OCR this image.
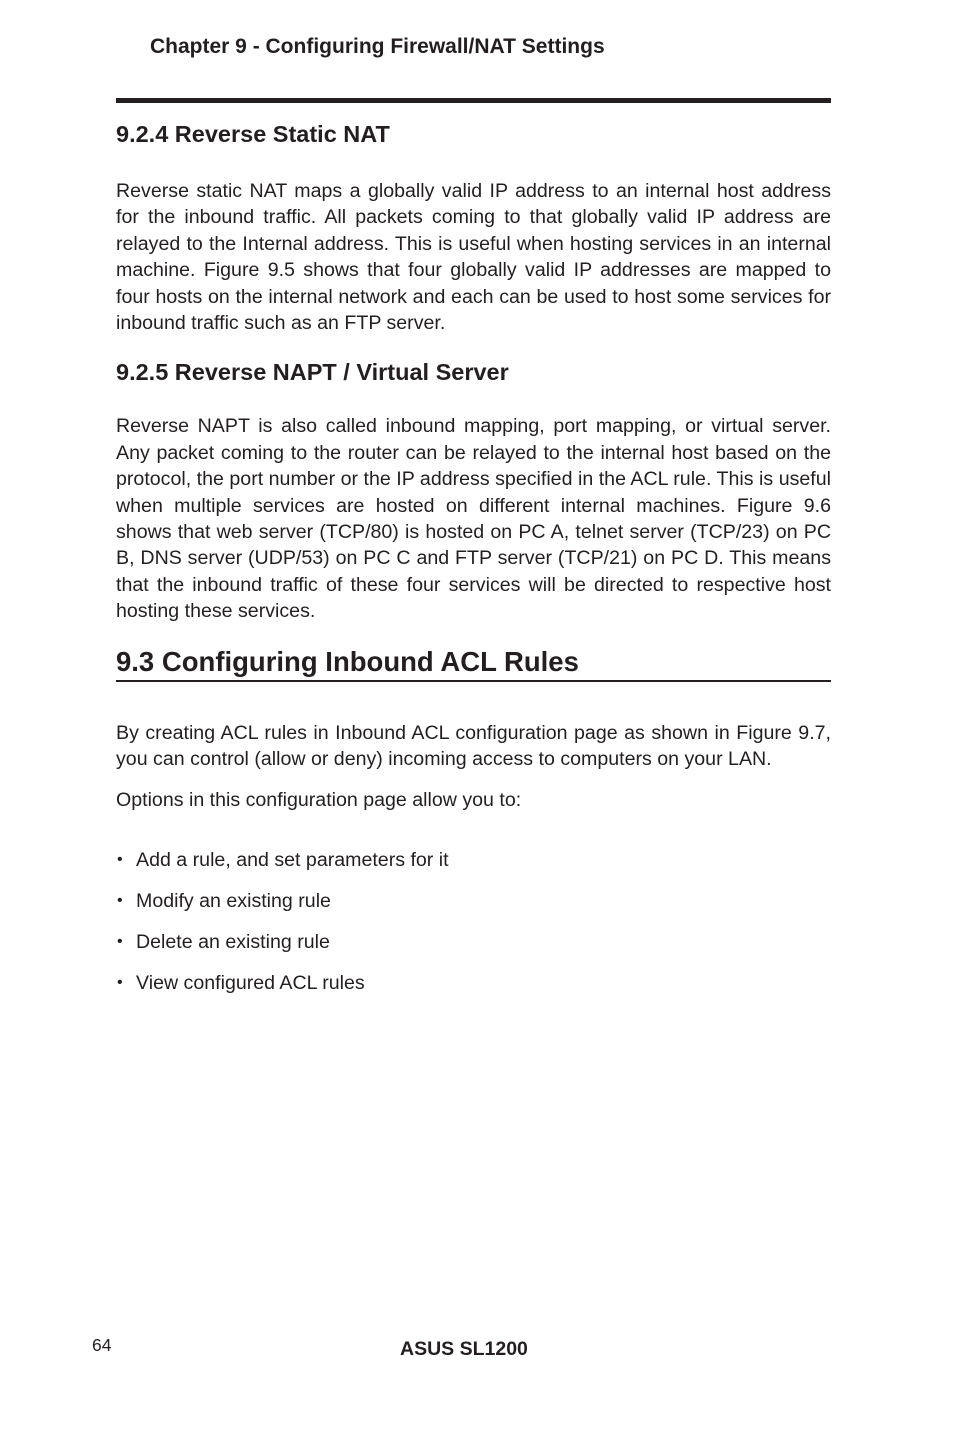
Chapter 9 - Configuring Firewall/NAT Settings
9.2.4 Reverse Static NAT

Reverse static NAT maps a globally valid IP address to an internal host address for the inbound traffic. All packets coming to that globally valid IP address are relayed to the Internal address. This is useful when hosting services in an internal machine. Figure 9.5 shows that four globally valid IP addresses are mapped to four hosts on the internal network and each can be used to host some services for inbound traffic such as an FTP server.

9.2.5 Reverse NAPT / Virtual Server

Reverse NAPT is also called inbound mapping, port mapping, or virtual server. Any packet coming to the router can be relayed to the internal host based on the protocol, the port number or the IP address specified in the ACL rule. This is useful when multiple services are hosted on different internal machines. Figure 9.6 shows that web server (TCP/80) is hosted on PC A, telnet server (TCP/23) on PC B, DNS server (UDP/53) on PC C and FTP server (TCP/21) on PC D. This means that the inbound traffic of these four services will be directed to respective host hosting these services.

9.3 Configuring Inbound ACL Rules

By creating ACL rules in Inbound ACL configuration page as shown in Figure 9.7, you can control (allow or deny) incoming access to computers on your LAN.

Options in this configuration page allow you to:

• Add a rule, and set parameters for it
• Modify an existing rule
• Delete an existing rule
• View configured ACL rules
64	ASUS SL1200
